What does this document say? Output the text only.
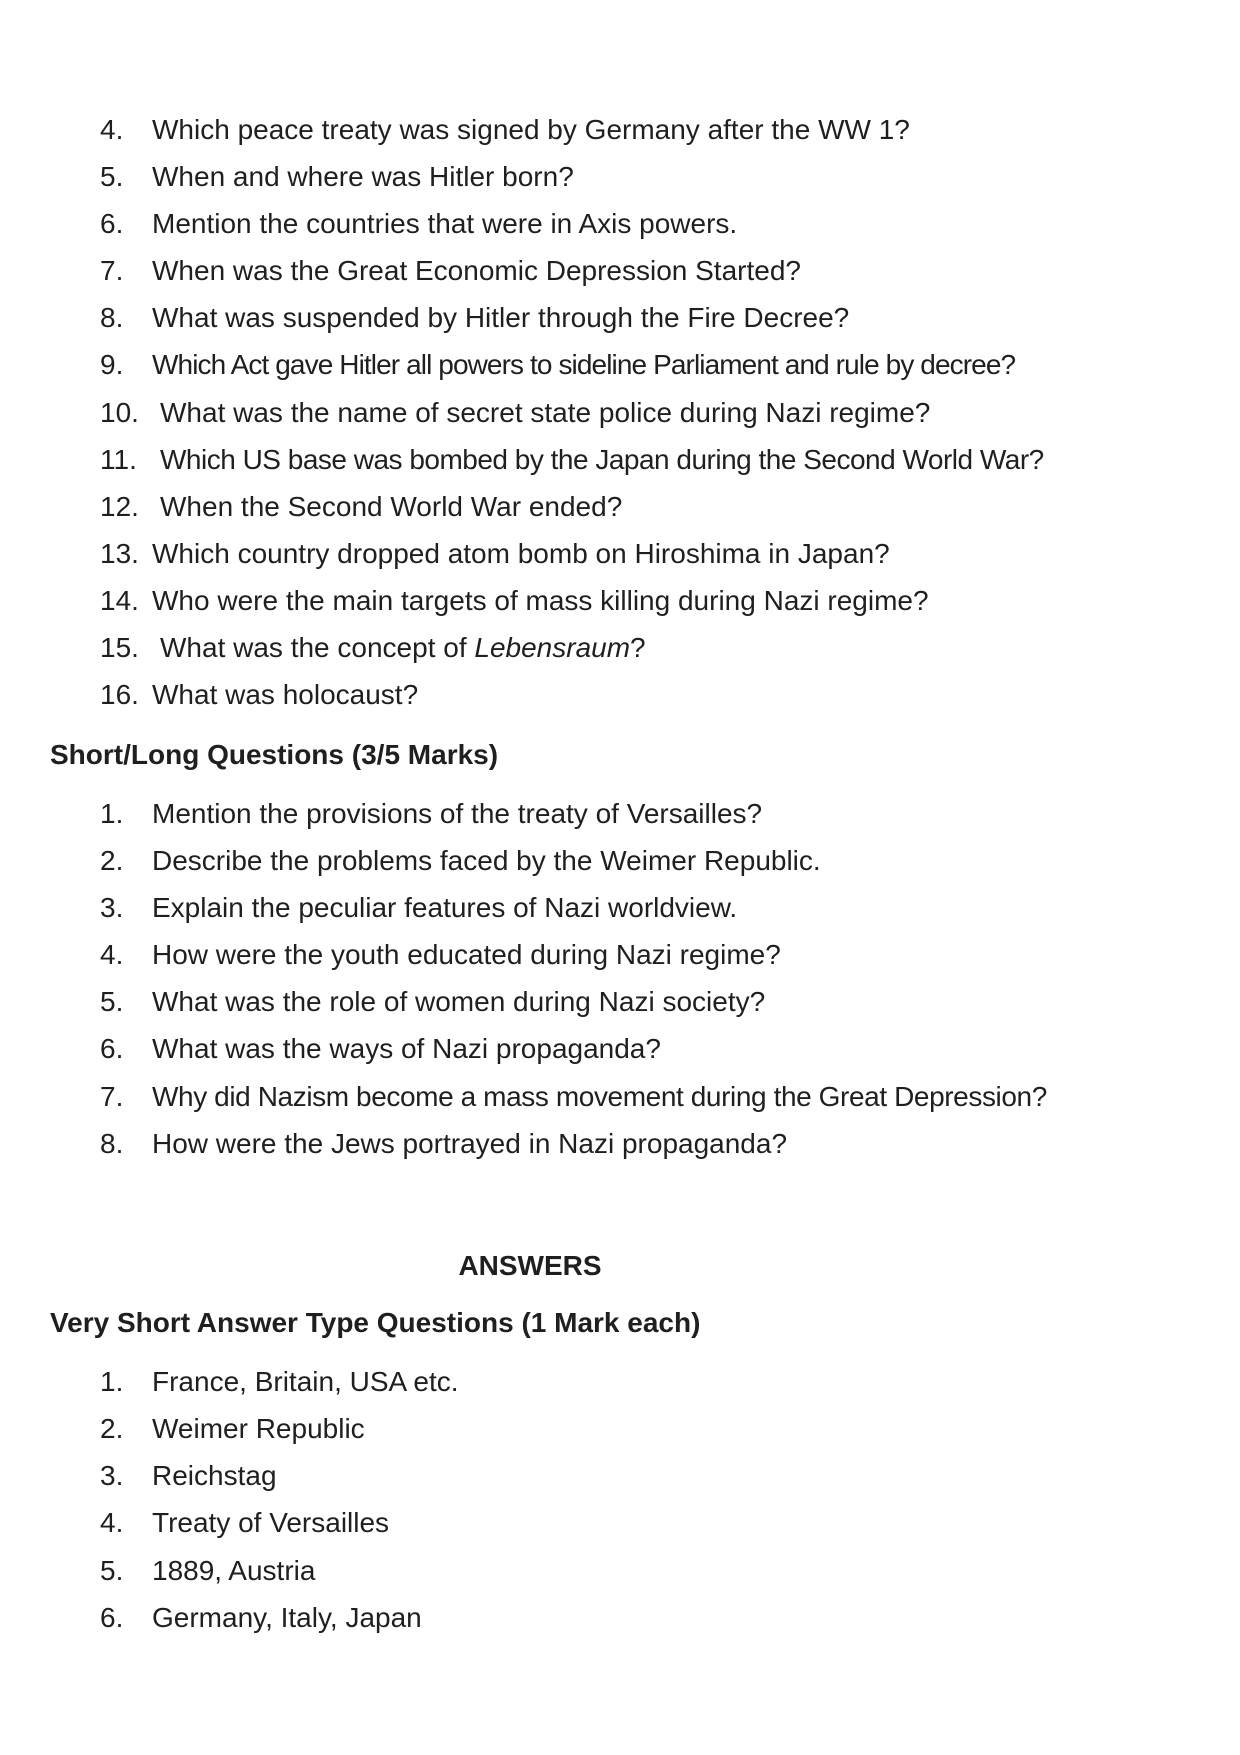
4. Which peace treaty was signed by Germany after the WW 1?
5. When and where was Hitler born?
6. Mention the countries that were in Axis powers.
7. When was the Great Economic Depression Started?
8. What was suspended by Hitler through the Fire Decree?
9. Which Act gave Hitler all powers to sideline Parliament and rule by decree?
10. What was the name of secret state police during Nazi regime?
11. Which US base was bombed by the Japan during the Second World War?
12. When the Second World War ended?
13. Which country dropped atom bomb on Hiroshima in Japan?
14. Who were the main targets of mass killing during Nazi regime?
15. What was the concept of Lebensraum?
16. What was holocaust?
Short/Long Questions (3/5 Marks)
1. Mention the provisions of the treaty of Versailles?
2. Describe the problems faced by the Weimer Republic.
3. Explain the peculiar features of Nazi worldview.
4. How were the youth educated during Nazi regime?
5. What was the role of women during Nazi society?
6. What was the ways of Nazi propaganda?
7. Why did Nazism become a mass movement during the Great Depression?
8. How were the Jews portrayed in Nazi propaganda?
ANSWERS
Very Short Answer Type Questions (1 Mark each)
1. France, Britain, USA etc.
2. Weimer Republic
3. Reichstag
4. Treaty of Versailles
5. 1889, Austria
6. Germany, Italy, Japan
